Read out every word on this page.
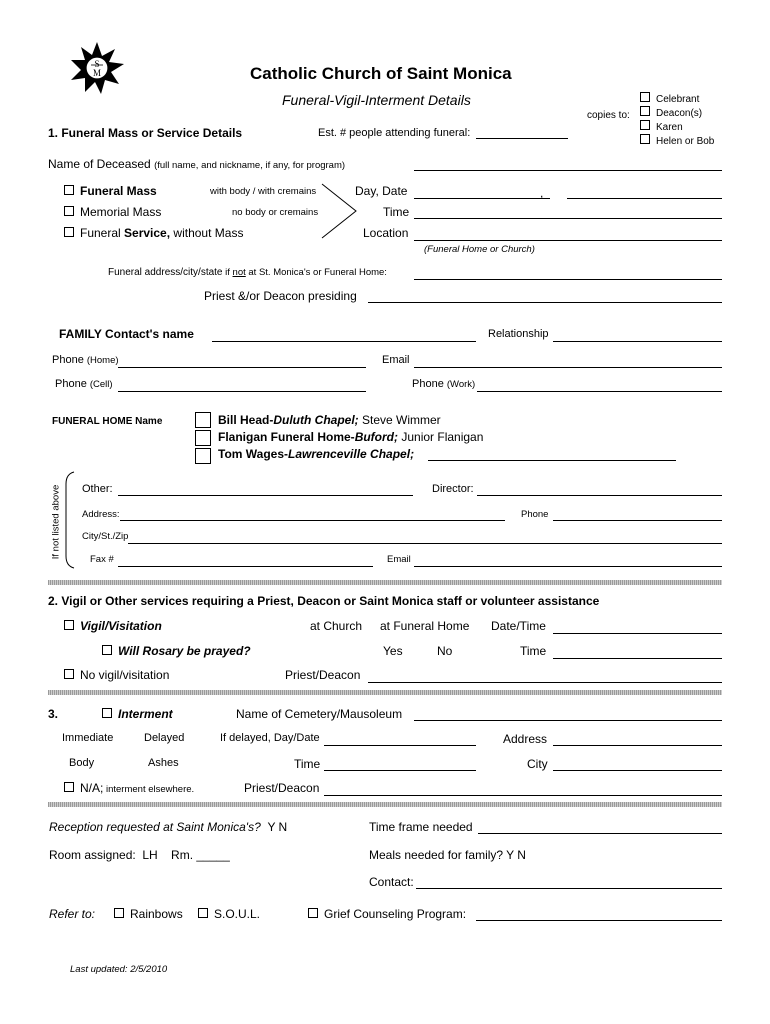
S
M	Catholic Church of Saint Monica
Funeral-Vigil-Interment Details
copies to:
Celebrant
Deacon(s)
Karen
Helen or Bob
1. Funeral Mass or Service Details	Est. # people attending funeral:
Name of Deceased (full name, and nickname, if any, for program)
Funeral Mass	with body / with cremains
Memorial Mass	no body or cremains
Funeral Service, without Mass
Day, Date	,
Time
Location
(Funeral Home or Church)
Funeral address/city/state if not at St. Monica's or Funeral Home:
Priest &/or Deacon presiding
FAMILY Contact's name	Relationship
Phone (Home)	Email
Phone (Cell)	Phone (Work)
FUNERAL HOME Name	Bill Head-Duluth Chapel; Steve Wimmer
Flanigan Funeral Home-Buford; Junior Flanigan
Tom Wages-Lawrenceville Chapel;
If not listed above Other:	Director:
Address:	Phone
City/St./Zip
Fax #	Email
2. Vigil or Other services requiring a Priest, Deacon or Saint Monica staff or volunteer assistance
Vigil/Visitation	at Church at Funeral Home Date/Time
Will Rosary be prayed?	Yes	No	Time
No vigil/visitation	Priest/Deacon
3.	Interment	Name of Cemetery/Mausoleum
Immediate	Delayed	If delayed, Day/Date	Address
Body	Ashes	Time	City
N/A; interment elsewhere.	Priest/Deacon
Reception requested at Saint Monica's? Y N	Time frame needed
Room assigned:  LH    Rm. _____	Meals needed for family? Y N
Contact:
Refer to:	Rainbows	S.O.U.L.	Grief Counseling Program:
Last updated: 2/5/2010
